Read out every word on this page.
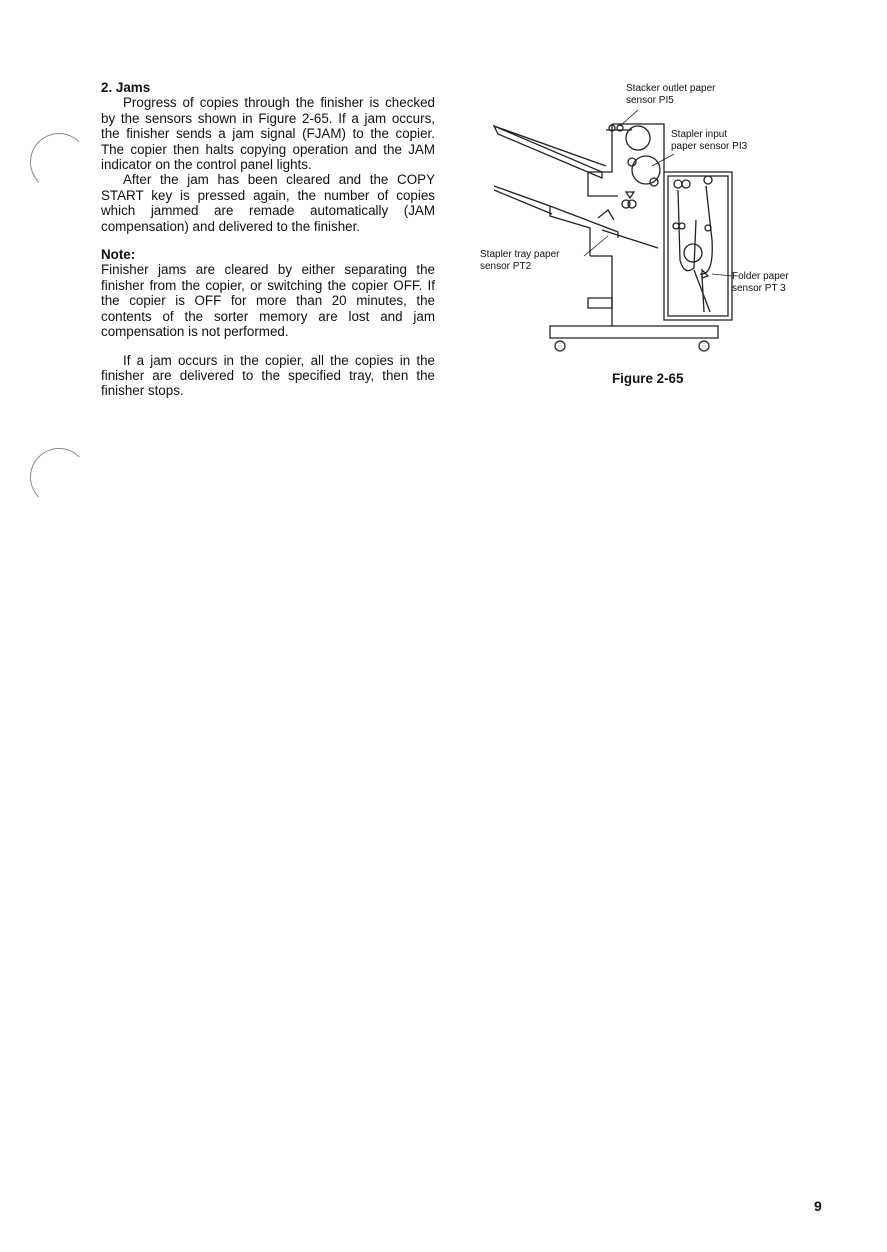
2. Jams

Progress of copies through the finisher is checked by the sensors shown in Figure 2-65. If a jam occurs, the finisher sends a jam signal (FJAM) to the copier. The copier then halts copying operation and the JAM indicator on the control panel lights.

After the jam has been cleared and the COPY START key is pressed again, the number of copies which jammed are remade automatically (JAM compensation) and delivered to the finisher.

Note:

Finisher jams are cleared by either separating the finisher from the copier, or switching the copier OFF. If the copier is OFF for more than 20 minutes, the contents of the sorter memory are lost and jam compensation is not performed.

If a jam occurs in the copier, all the copies in the finisher are delivered to the specified tray, then the finisher stops.

Stacker outlet paper
sensor PI5
Stapler input
paper sensor PI3
Stapler tray paper
sensor PT2
Folder paper
sensor PT 3
Figure 2-65
9
